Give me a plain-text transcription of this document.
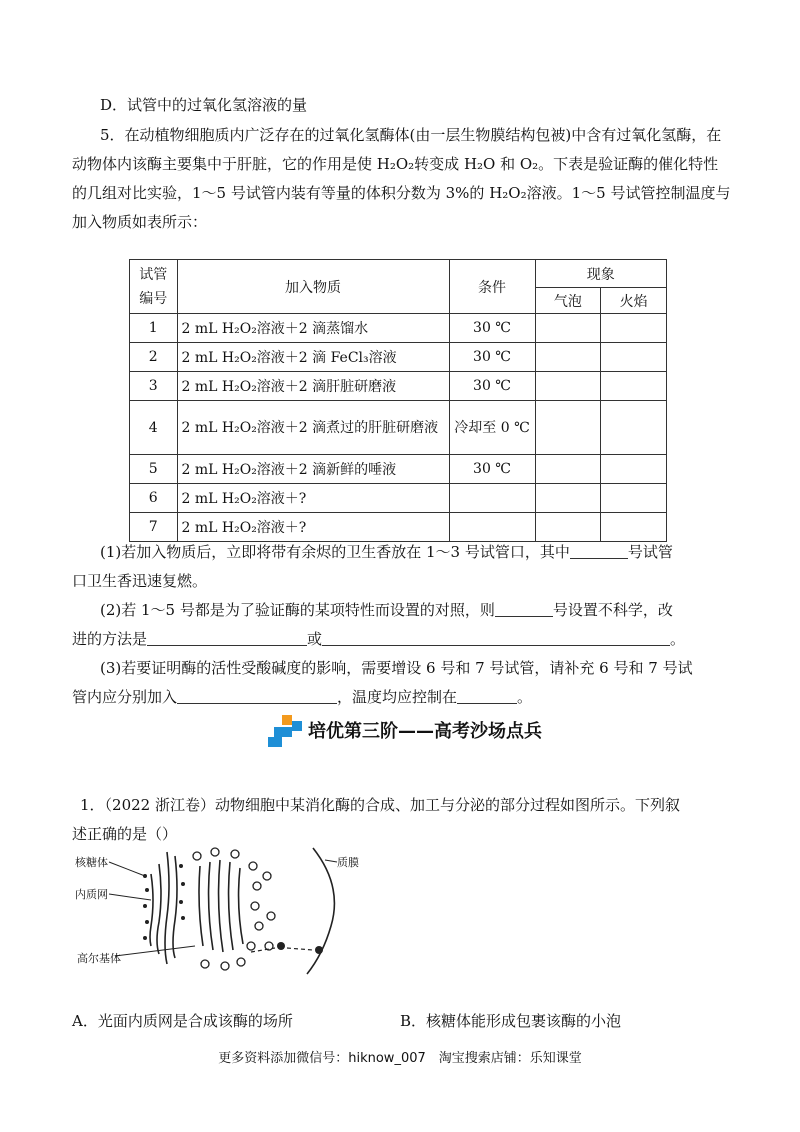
D．试管中的过氧化氢溶液的量
5．在动植物细胞质内广泛存在的过氧化氢酶体(由一层生物膜结构包被)中含有过氧化氢酶，在动物体内该酶主要集中于肝脏，它的作用是使 H₂O₂转变成 H₂O 和 O₂。下表是验证酶的催化特性的几组对比实验，1～5 号试管内装有等量的体积分数为 3%的 H₂O₂溶液。1～5 号试管控制温度与加入物质如表所示：
试管
编号	加入物质	条件	现象	
			气泡	火焰
1	2 mL H₂O₂溶液＋2 滴蒸馏水	30 ℃		
2	2 mL H₂O₂溶液＋2 滴 FeCl₃溶液	30 ℃		
3	2 mL H₂O₂溶液＋2 滴肝脏研磨液	30 ℃		
4	2 mL H₂O₂溶液＋2 滴煮过的肝脏研磨液	冷却至 0 ℃		
5	2 mL H₂O₂溶液＋2 滴新鲜的唾液	30 ℃		
6	2 mL H₂O₂溶液＋?			
7	2 mL H₂O₂溶液＋?			
(1)若加入物质后，立即将带有余烬的卫生香放在 1～3 号试管口，其中	号试管
口卫生香迅速复燃。
(2)若 1～5 号都是为了验证酶的某项特性而设置的对照，则	号设置不科学，改
进的方法是	或	。
(3)若要证明酶的活性受酸碱度的影响，需要增设 6 号和 7 号试管，请补充 6 号和 7 号试
管内应分别加入	，温度均应控制在	。
培优第三阶——高考沙场点兵
1．（2022 浙江卷）动物细胞中某消化酶的合成、加工与分泌的部分过程如图所示。下列叙
述正确的是（）
核糖体
内质网
高尔基体
质膜
A．光面内质网是合成该酶的场所	B．核糖体能形成包裹该酶的小泡
更多资料添加微信号：hiknow_007　淘宝搜索店铺：乐知课堂
